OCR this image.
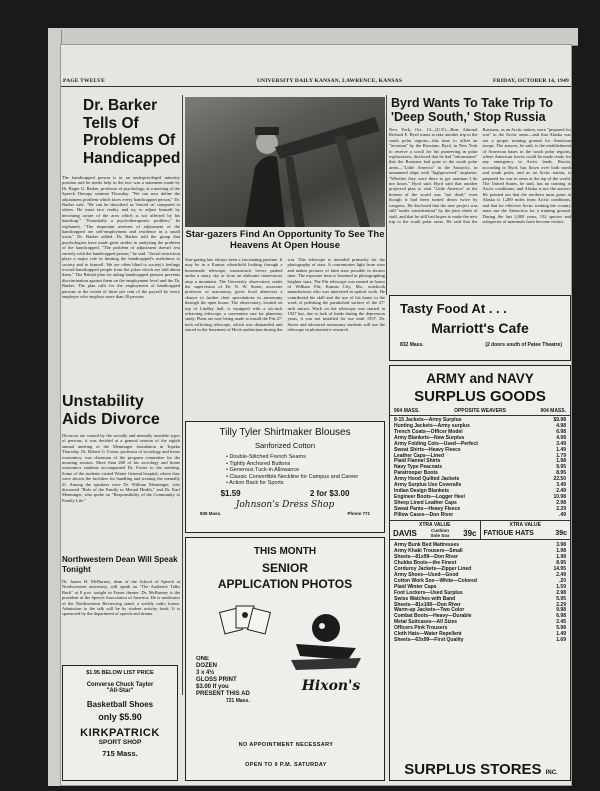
PAGE TWELVE	UNIVERSITY DAILY KANSAN, LAWRENCE, KANSAS	FRIDAY, OCTOBER 14, 1949
Dr. Barker Tells Of Problems Of Handicapped
The handicapped person is in an underprivileged minority position and he needs help in the fact was a statement made by Dr. Roger G. Barker, professor of psychology, at a meeting of the Speech Therapy seminar Thursday. "We can now define the adjustment problem which faces every handicapped person," Dr. Barker said. "He can be described as 'fenced in' compared to others. He must face reality and try to adjust himself by becoming aware of the area which is not affected by his handicap." "Essentially a psychotherapeutic problem," he explained, "The important avenues of adjustment of the handicapped are self-employment and residence in a small town," Dr. Barker added. Dr. Barker told the group that psychologists have made great strides in analyzing the problem of the handicapped. "The problem of adjustment doesn't rest entirely with the handicapped person," he said. "Social restriction plays a major role in limiting the handicapped's usefulness to society and to himself. We are often blind to society's feelings toward handicapped people from the jokes which are told about them." The British plan for aiding handicapped persons prevents discrimination against them on the employment level and the Dr. Barker. The plan calls for the employment of handicapped persons to the extent of three per cent of the payroll by every employer who employs more than 20 persons.
Unstability Aids Divorce
Divorces are caused by the socially and mentally unstable types of persons, it was decided at a general session of the eighth annual meeting of the Menninger foundation in Topeka Thursday. Dr. Robert G. Foster, professor of sociology and home economics, was chairman of the program committee for the morning session. More than 200 of his sociology and home economics students accompanied Dr. Foster to the meeting. Some of the students visited Winter General hospital, where they were shown the facilities for handling and treating the mentally ill. Among the speakers were Dr. William Menninger, who discussed "Role of the Family in Mental Health," and Dr. Karl Menninger, who spoke on "Responsibility of the Community to Family Life."
Northwestern Dean Will Speak Tonight
Dr. James H. McBurney, dean of the School of Speech at Northwestern university, will speak on "The Audience Talks Back" at 8 p.m. tonight in Fraser theater. Dr. McBurney is the president of the Speech Association of America. He is moderator of the Northwestern Reviewing stand, a weekly radio forum. Admission to the talk will be by student activity book. It is sponsored by the department of speech and drama.
$1.95 BELOW LIST PRICE
Converse Chuck Taylor
"All-Star"
Basketball Shoes
only $5.90
KIRKPATRICK
SPORT SHOP
715 Mass.
Star-gazers Find An Opportunity To See The Heavens At Open House
Star-gazing has always been a fascinating pastime. It may be in a Kansas wheatfield looking through a homemade telescope, moonstruck lovers parked under a starry sky or from an elaborate observatory atop a mountain. The University observatory under the supervision of Dr. N. W. Storer, associate professor of astronomy, gives local observers a chance to further their speculations in astronomy through the open house. The observatory, located on top of Lindley hall, is equipped with a six-inch refracting telescope, a convenient size for planetary study. Plans are now being made to install the Pitt 27-inch reflecting telescope, which was dismantled and stored in the basement of Hoch auditorium during the war. This telescope is intended primarily for the photography of stars. It concentrates light from stars and makes pictures of faint stars possible in shorter time. The exposure time is lessened in photographing brighter stars. The Pitt telescope was named in honor of William Pitt, Kansas City, Mo., notebook manufacturer who was interested in optical work. He contributed his skill and the use of his home to the work of polishing the paraboloid surface of the 27-inch mirror. Work on the telescope was started in 1927 but, due to lack of funds during the depression years, it was not installed for use until 1937. Dr. Storer and advanced astronomy students will use the telescope in photometric research.
Byrd Wants To Take Trip To 'Deep South,' Stop Russia
New York, Oct. 14—(U.P.)—Rear Admiral Richard E. Byrd wants to take another trip to the south polar regions—this time to offset an "invasion" by the Russians. Byrd, in New York to receive a scroll for his pioneering in polar explorations, disclosed that he had "information" that the Russians had gone to the south polar areas—"Little America" in the Antarctic, in unmanned ships with "highpowered" airplanes. "Whether they were there to get uranium I do not know," Byrd said. Byrd said that another projected plan to visit "Little America" at the bottom of the world was "not dead," even though it had been turned down twice by congress. He disclosed that the new project was still "under consideration" by the joint chiefs of staff, and that he still had hopes to make the new trip to the south polar areas. He said that the Russians, as an Arctic nation, were "prepared for war" in the Arctic areas—and that Alaska was not a proper training ground for American troops. The answer, he said, is the establishment of American bases in the south polar regions, where American forces could be made ready for any emergency in Arctic lands. Russia, according to Byrd, has flown over both north and south poles, and as an Arctic nation, is prepared for war in areas at the top of the world. The United States, he said, has no training in Arctic conditions, and Alaska is not the answer. He pointed out that the northern most point in Alaska is 1,200 miles from Arctic conditions, and that for effective Arctic training the country must use the Antarctica for a training ground. During the last 2,000 years, 132 species and subspecies of mammals have become extinct.
Tasty Food At . . .
Marriott's Cafe
832 Mass.	(2 doors south of Patee Theatre)
Tilly Tyler Shirtmaker Blouses
Sanforized Cotton
• Double-Stitched French Seams
• Tightly Anchored Buttons
• Generous Tuck-in Allowance
• Classic Convertible Neckline for Campus and Career
• Action Back for Sports
$1.59	2 for $3.00
Johnson's Dress Shop
835 Mass.	Phone 771
THIS MONTH
SENIOR
APPLICATION PHOTOS
ONE
DOZEN
3 x 4½
GLOSS PRINT
$3.00 If you
PRESENT THIS AD
721 Mass.
Hixon's
NO APPOINTMENT NECESSARY
OPEN TO 9 P.M. SATURDAY
ARMY and NAVY
SURPLUS GOODS
904 MASS.	OPPOSITE WEAVERS	904 MASS.
8-15 Jackets—Army Surplus	$9.98
Hunting Jackets—Army surplus	4.98
Trench Coats—Officer Model	6.98
Army Blankets—New Surplus	4.98
Army Folding Cots—Used—Perfect	3.49
Sweat Shirts—Heavy Fleece	1.49
Leather Caps—Lined	1.79
Plaid Flannel Shirts	1.98
Navy Type Peacoats	9.95
Paratrooper Boots	8.95
Army Hood Quilted Jackets	22.50
Army Surplus Use Coveralls	3.49
Indian Design Blankets	2.49
Engineer Boots—Logger Heel	10.98
Sheep Lined Leather Caps	2.98
Sweat Pants—Heavy Fleece	2.29
Pillow Cases—Don River	.49
XTRA VALUE
DAVIS	Cushion
Sole Sox 39c
XTRA VALUE
FATIGUE HATS	39c
Army Bunk Bed Mattresses	3.98
Army Khaki Trousers—Small	1.98
Sheets—81x99—Don River	1.98
Chukka Boots—the Finest	8.95
Corduroy Jackets—Zipper Lined	14.95
Army Shoes—Used—Good	2.49
Cotton Work Sox—White—Colored	.20
Plaid Winter Caps	1.59
Foot Lockers—Used Surplus	2.98
Swiss Watches with Band	5.95
Sheets—81x108—Don River	2.29
Warm-up Jackets—Two Color	9.98
Combat Boots—Heavy—Durable	6.98
Metal Suitcases—All Sizes	2.45
Officers Pink Trousers	5.98
Cloth Hats—Water Repellent	1.49
Sheets—63x99—First Quality	1.69
SURPLUS STORES INC.
